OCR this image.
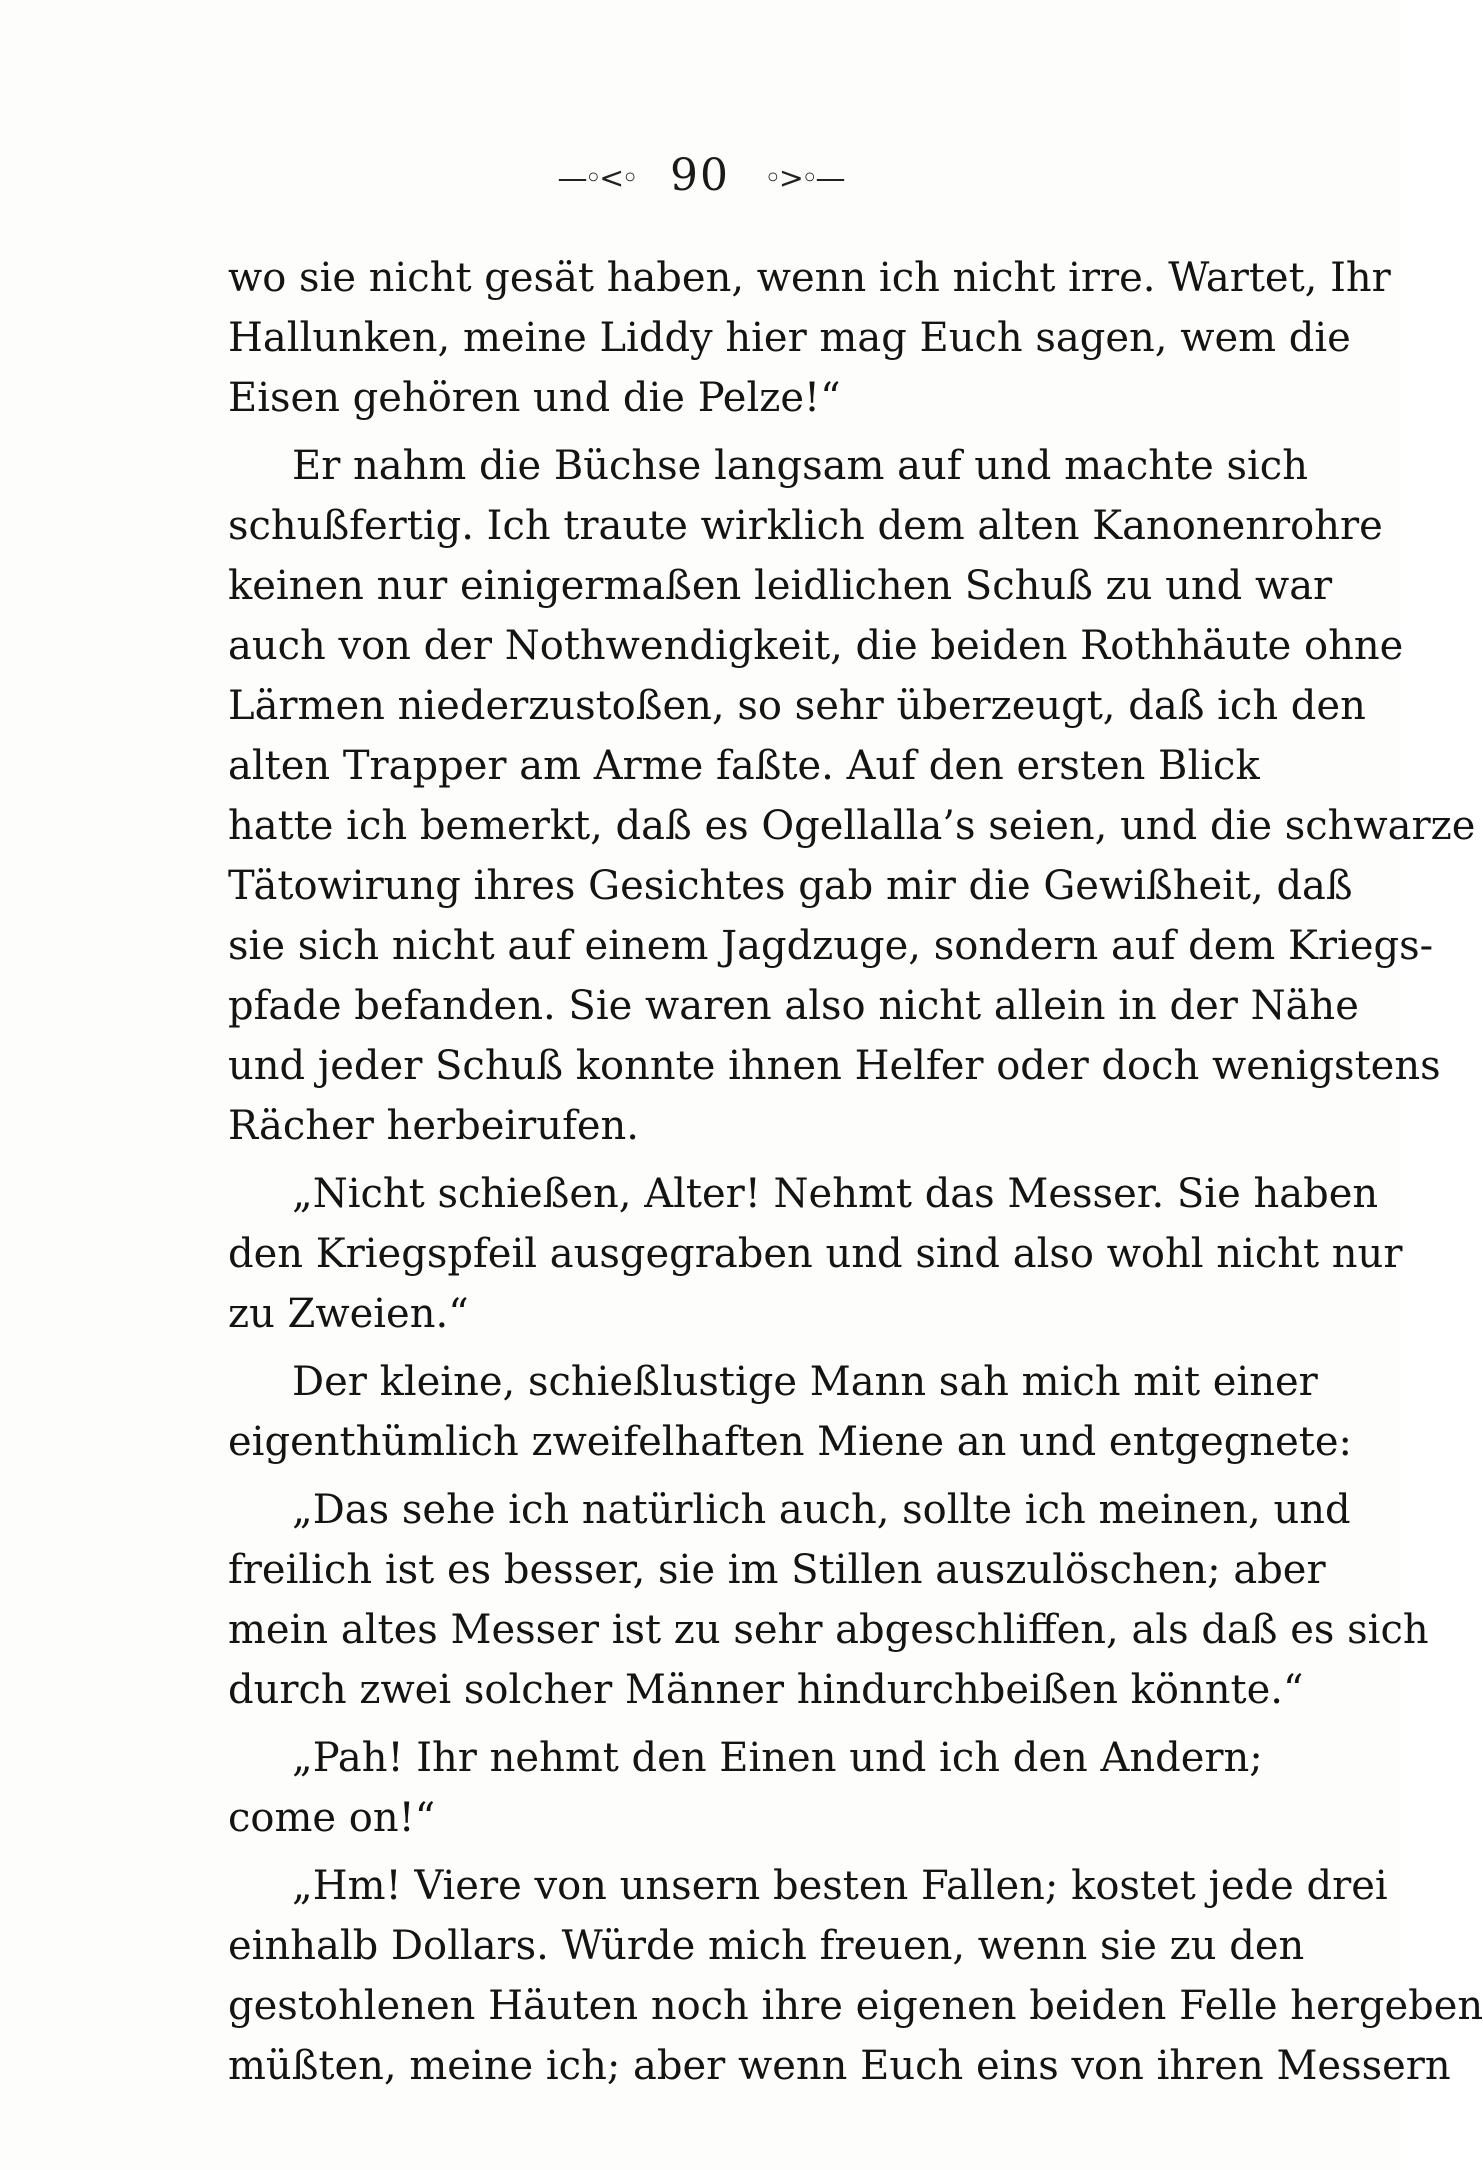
—◦<◦ 90 ◦>◦—
wo sie nicht gesät haben, wenn ich nicht irre. Wartet, Ihr
Hallunken, meine Liddy hier mag Euch sagen, wem die
Eisen gehören und die Pelze!“
Er nahm die Büchse langsam auf und machte sich
schußfertig. Ich traute wirklich dem alten Kanonenrohre
keinen nur einigermaßen leidlichen Schuß zu und war
auch von der Nothwendigkeit, die beiden Rothhäute ohne
Lärmen niederzustoßen, so sehr überzeugt, daß ich den
alten Trapper am Arme faßte. Auf den ersten Blick
hatte ich bemerkt, daß es Ogellalla’s seien, und die schwarze
Tätowirung ihres Gesichtes gab mir die Gewißheit, daß
sie sich nicht auf einem Jagdzuge, sondern auf dem Kriegs-
pfade befanden. Sie waren also nicht allein in der Nähe
und jeder Schuß konnte ihnen Helfer oder doch wenigstens
Rächer herbeirufen.
„Nicht schießen, Alter! Nehmt das Messer. Sie haben
den Kriegspfeil ausgegraben und sind also wohl nicht nur
zu Zweien.“
Der kleine, schießlustige Mann sah mich mit einer
eigenthümlich zweifelhaften Miene an und entgegnete:
„Das sehe ich natürlich auch, sollte ich meinen, und
freilich ist es besser, sie im Stillen auszulöschen; aber
mein altes Messer ist zu sehr abgeschliffen, als daß es sich
durch zwei solcher Männer hindurchbeißen könnte.“
„Pah! Ihr nehmt den Einen und ich den Andern;
come on!“
„Hm! Viere von unsern besten Fallen; kostet jede drei
einhalb Dollars. Würde mich freuen, wenn sie zu den
gestohlenen Häuten noch ihre eigenen beiden Felle hergeben
müßten, meine ich; aber wenn Euch eins von ihren Messern
